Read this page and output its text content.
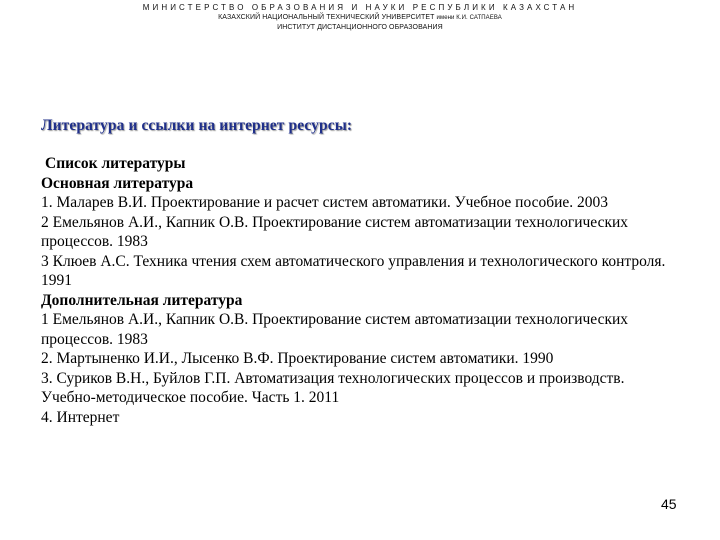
МИНИСТЕРСТВО ОБРАЗОВАНИЯ И НАУКИ РЕСПУБЛИКИ КАЗАХСТАН
КАЗАХСКИЙ НАЦИОНАЛЬНЫЙ ТЕХНИЧЕСКИЙ УНИВЕРСИТЕТ имени К.И. САТПАЕВА
ИНСТИТУТ ДИСТАНЦИОННОГО ОБРАЗОВАНИЯ
Литература и ссылки на интернет ресурсы:
Список литературы
Основная литература
1. Маларев В.И. Проектирование и расчет систем автоматики. Учебное пособие. 2003
2 Емельянов А.И., Капник О.В. Проектирование систем автоматизации технологических
процессов. 1983
3 Клюев А.С. Техника чтения схем автоматического управления и технологического контроля.
1991
Дополнительная литература
1 Емельянов А.И., Капник О.В. Проектирование систем автоматизации технологических
процессов. 1983
2. Мартыненко И.И., Лысенко В.Ф. Проектирование систем автоматики. 1990
3. Суриков В.Н., Буйлов Г.П. Автоматизация технологических процессов и производств.
Учебно-методическое пособие. Часть 1. 2011
4. Интернет
45
